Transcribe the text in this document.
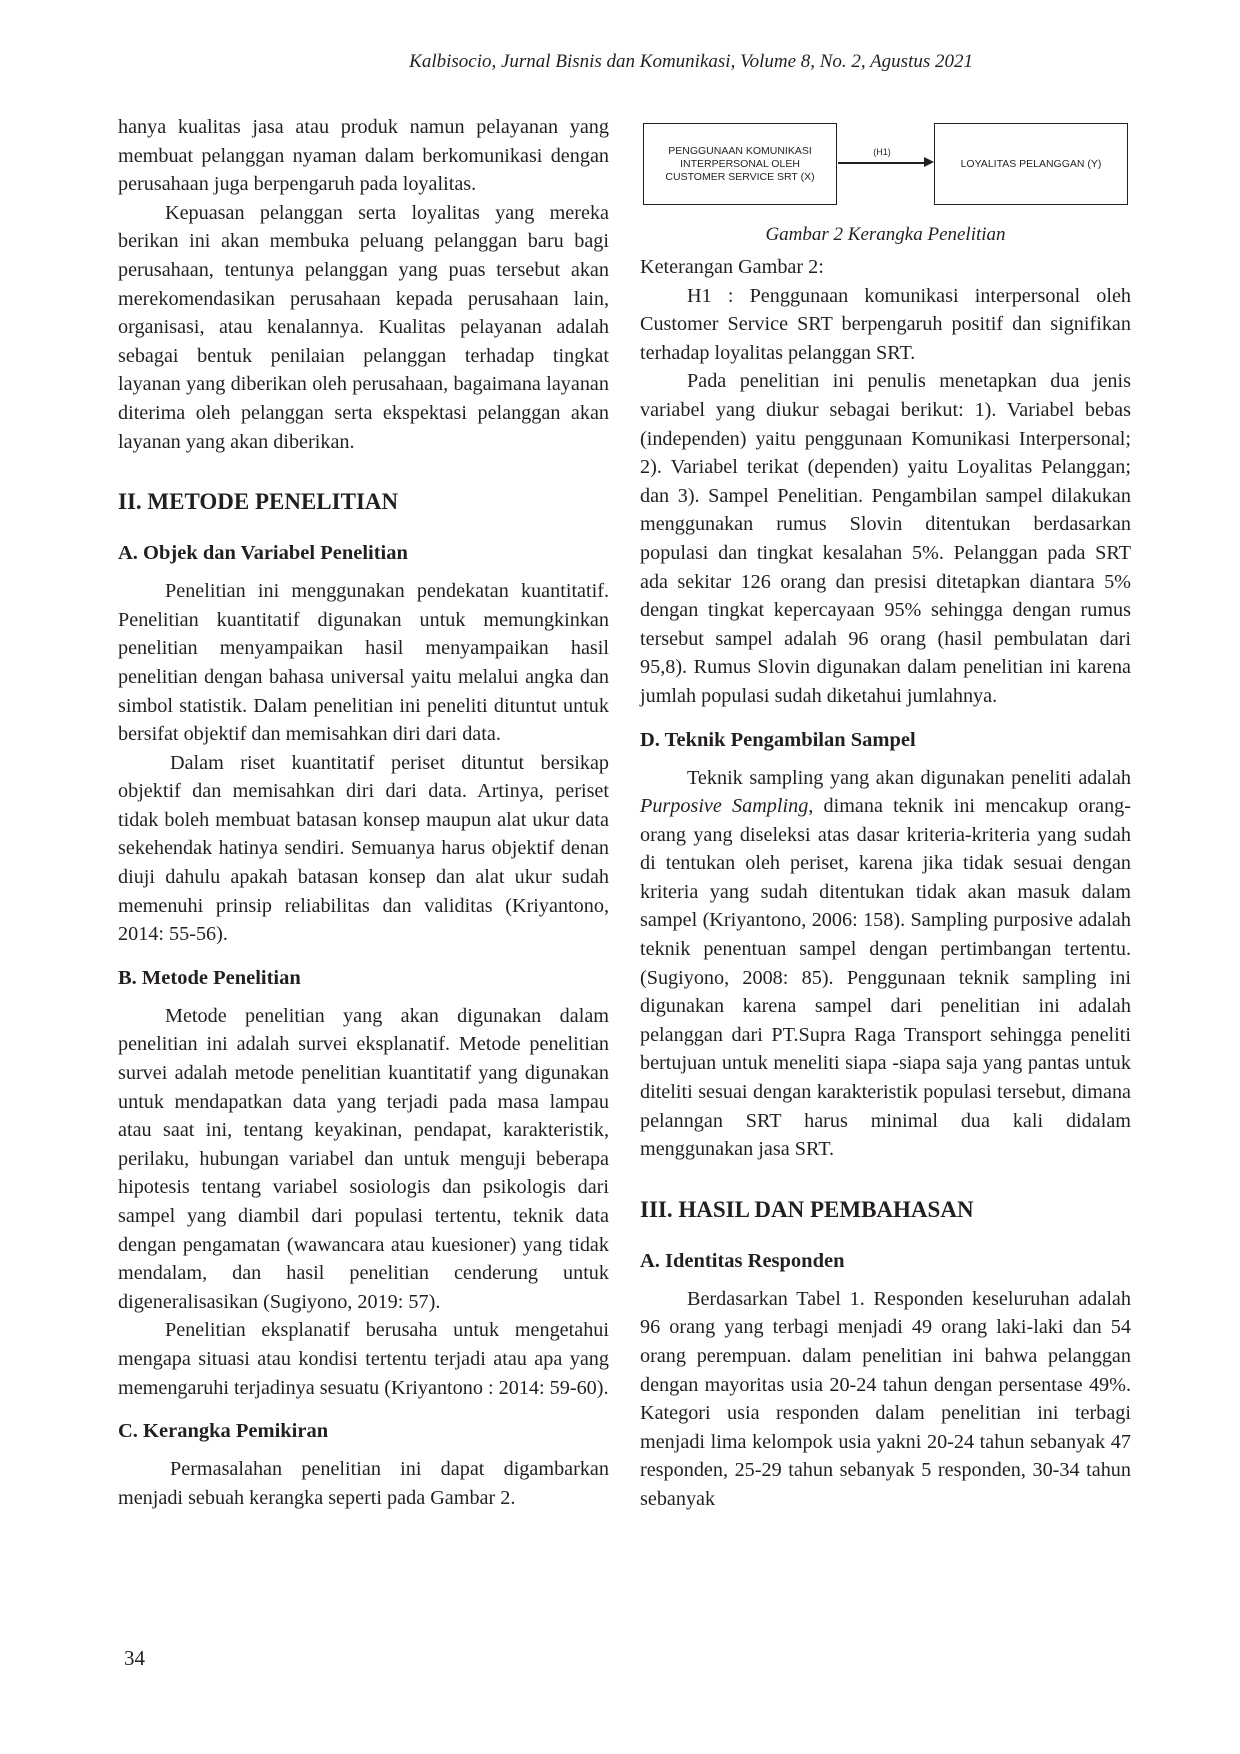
Kalbisocio, Jurnal Bisnis dan Komunikasi, Volume 8, No. 2, Agustus 2021

hanya kualitas jasa atau produk namun pelayanan yang membuat pelanggan nyaman dalam berkomunikasi dengan perusahaan juga berpengaruh pada loyalitas.

Kepuasan pelanggan serta loyalitas yang mereka berikan ini akan membuka peluang pelanggan baru bagi perusahaan, tentunya pelanggan yang puas tersebut akan merekomendasikan perusahaan kepada perusahaan lain, organisasi, atau kenalannya. Kualitas pelayanan adalah sebagai bentuk penilaian pelanggan terhadap tingkat layanan yang diberikan oleh perusahaan, bagaimana layanan diterima oleh pelanggan serta ekspektasi pelanggan akan layanan yang akan diberikan.

II. METODE PENELITIAN
A. Objek dan Variabel Penelitian

Penelitian ini menggunakan pendekatan kuantitatif. Penelitian kuantitatif digunakan untuk memungkinkan penelitian menyampaikan hasil menyampaikan hasil penelitian dengan bahasa universal yaitu melalui angka dan simbol statistik. Dalam penelitian ini peneliti dituntut untuk bersifat objektif dan memisahkan diri dari data.

Dalam riset kuantitatif periset dituntut bersikap objektif dan memisahkan diri dari data. Artinya, periset tidak boleh membuat batasan konsep maupun alat ukur data sekehendak hatinya sendiri. Semuanya harus objektif denan diuji dahulu apakah batasan konsep dan alat ukur sudah memenuhi prinsip reliabilitas dan validitas (Kriyantono, 2014: 55-56).

B. Metode Penelitian

Metode penelitian yang akan digunakan dalam penelitian ini adalah survei eksplanatif. Metode penelitian survei adalah metode penelitian kuantitatif yang digunakan untuk mendapatkan data yang terjadi pada masa lampau atau saat ini, tentang keyakinan, pendapat, karakteristik, perilaku, hubungan variabel dan untuk menguji beberapa hipotesis tentang variabel sosiologis dan psikologis dari sampel yang diambil dari populasi tertentu, teknik data dengan pengamatan (wawancara atau kuesioner) yang tidak mendalam, dan hasil penelitian cenderung untuk digeneralisasikan (Sugiyono, 2019: 57).

Penelitian eksplanatif berusaha untuk mengetahui mengapa situasi atau kondisi tertentu terjadi atau apa yang memengaruhi terjadinya sesuatu (Kriyantono : 2014: 59-60).

C. Kerangka Pemikiran

Permasalahan penelitian ini dapat digambarkan menjadi sebuah kerangka seperti pada Gambar 2.

PENGGUNAAN KOMUNIKASI
INTERPERSONAL OLEH
CUSTOMER SERVICE SRT (X)
(H1)
LOYALITAS PELANGGAN (Y)
Gambar 2 Kerangka Penelitian

Keterangan Gambar 2:

H1 : Penggunaan komunikasi interpersonal oleh Customer Service SRT berpengaruh positif dan signifikan terhadap loyalitas pelanggan SRT.

Pada penelitian ini penulis menetapkan dua jenis variabel yang diukur sebagai berikut: 1). Variabel bebas (independen) yaitu penggunaan Komunikasi Interpersonal; 2). Variabel terikat (dependen) yaitu Loyalitas Pelanggan; dan 3). Sampel Penelitian. Pengambilan sampel dilakukan menggunakan rumus Slovin ditentukan berdasarkan populasi dan tingkat kesalahan 5%. Pelanggan pada SRT ada sekitar 126 orang dan presisi ditetapkan diantara 5% dengan tingkat kepercayaan 95% sehingga dengan rumus tersebut sampel adalah 96 orang (hasil pembulatan dari 95,8). Rumus Slovin digunakan dalam penelitian ini karena jumlah populasi sudah diketahui jumlahnya.

D. Teknik Pengambilan Sampel

Teknik sampling yang akan digunakan peneliti adalah Purposive Sampling, dimana teknik ini mencakup orang-orang yang diseleksi atas dasar kriteria-kriteria yang sudah di tentukan oleh periset, karena jika tidak sesuai dengan kriteria yang sudah ditentukan tidak akan masuk dalam sampel (Kriyantono, 2006: 158). Sampling purposive adalah teknik penentuan sampel dengan pertimbangan tertentu. (Sugiyono, 2008: 85). Penggunaan teknik sampling ini digunakan karena sampel dari penelitian ini adalah pelanggan dari PT.Supra Raga Transport sehingga peneliti bertujuan untuk meneliti siapa -siapa saja yang pantas untuk diteliti sesuai dengan karakteristik populasi tersebut, dimana pelanngan SRT harus minimal dua kali didalam menggunakan jasa SRT.

III. HASIL DAN PEMBAHASAN
A. Identitas Responden

Berdasarkan Tabel 1. Responden keseluruhan adalah 96 orang yang terbagi menjadi 49 orang laki-laki dan 54 orang perempuan. dalam penelitian ini bahwa pelanggan dengan mayoritas usia 20-24 tahun dengan persentase 49%. Kategori usia responden dalam penelitian ini terbagi menjadi lima kelompok usia yakni 20-24 tahun sebanyak 47 responden, 25-29 tahun sebanyak 5 responden, 30-34 tahun sebanyak

34
